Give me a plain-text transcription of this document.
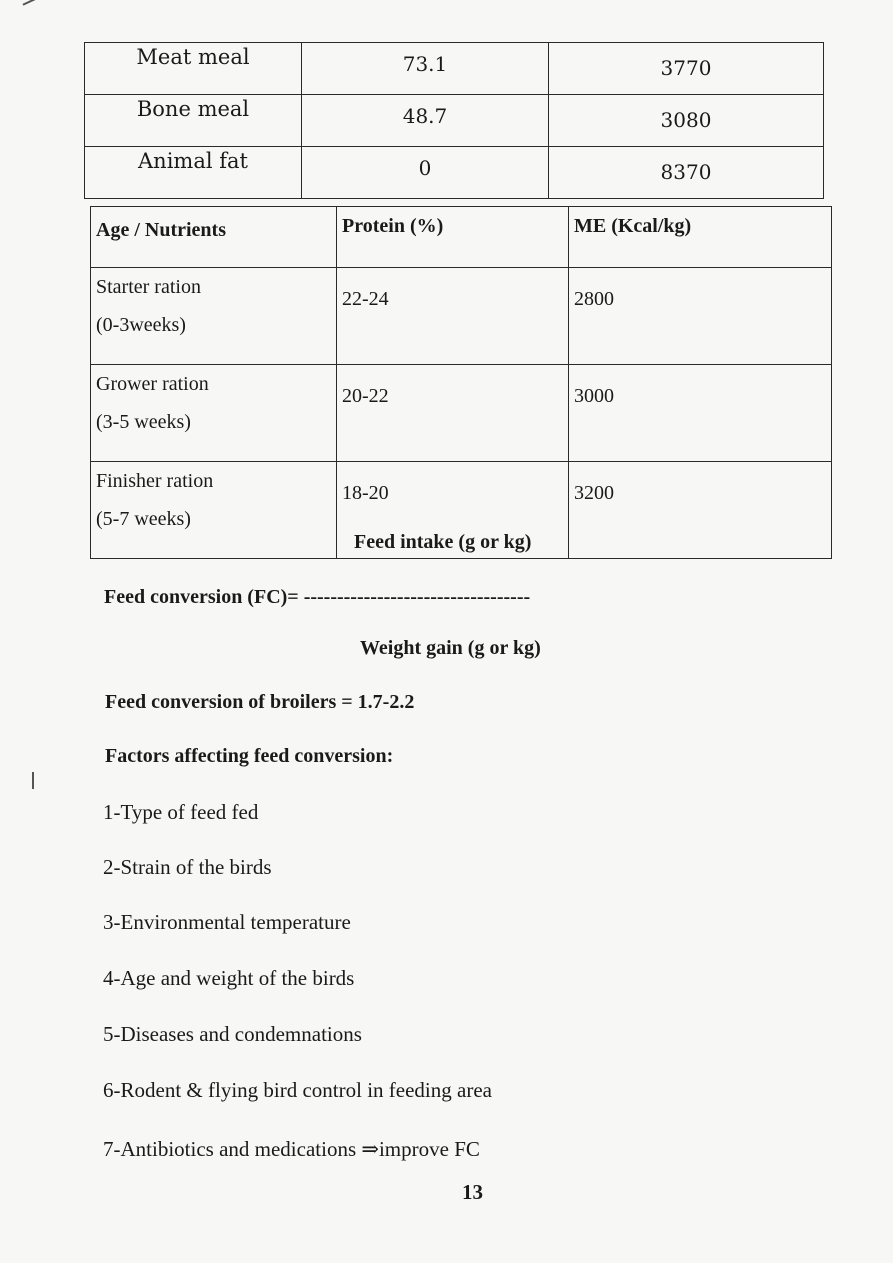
Meat meal	73.1	3770
Bone meal	48.7	3080
Animal fat	0	8370
Age / Nutrients	Protein (%)	ME (Kcal/kg)

Starter ration
(0-3weeks)	22-24	2800

Grower ration
(3-5 weeks)	20-22	3000

Finisher ration
(5-7 weeks)	18-20	3200
Feed intake (g or kg)
Feed conversion (FC)= ----------------------------------
Weight gain (g or kg)
Feed conversion of broilers = 1.7-2.2
Factors affecting feed conversion:
1-Type of feed fed
2-Strain of the birds
3-Environmental temperature
4-Age and weight of the birds
5-Diseases and condemnations
6-Rodent & flying bird control in feeding area
7-Antibiotics and medications ⇒improve FC
13
